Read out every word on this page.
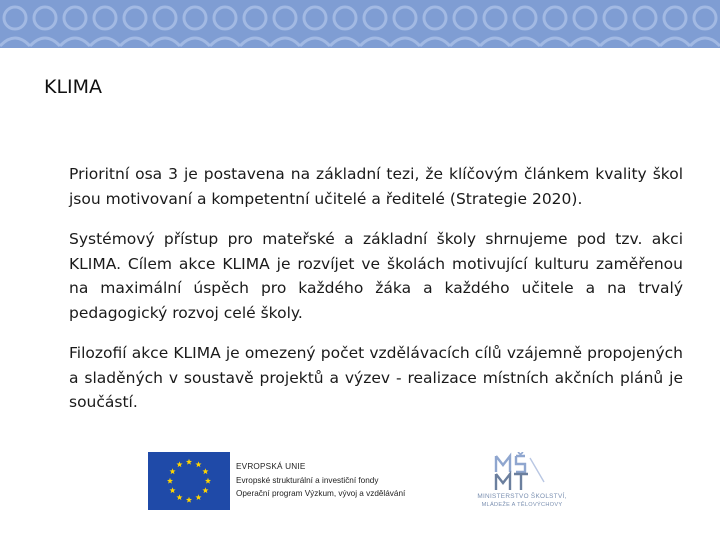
KLIMA

Prioritní osa 3 je postavena na základní tezi, že klíčovým článkem kvality škol jsou motivovaní a kompetentní učitelé a ředitelé (Strategie 2020).

Systémový přístup pro mateřské a základní školy shrnujeme pod tzv. akci KLIMA. Cílem akce KLIMA je rozvíjet ve školách motivující kulturu zaměřenou na maximální úspěch pro každého žáka a každého učitele a na trvalý pedagogický rozvoj celé školy.

Filozofií akce KLIMA je omezený počet vzdělávacích cílů vzájemně propojených a sladěných v soustavě projektů a výzev - realizace místních akčních plánů je součástí.

EVROPSKÁ UNIE
Evropské strukturální a investiční fondy
Operační program Výzkum, vývoj a vzdělávání	MINISTERSTVO ŠKOLSTVÍ,
MLÁDEŽE A TĚLOVÝCHOVY
